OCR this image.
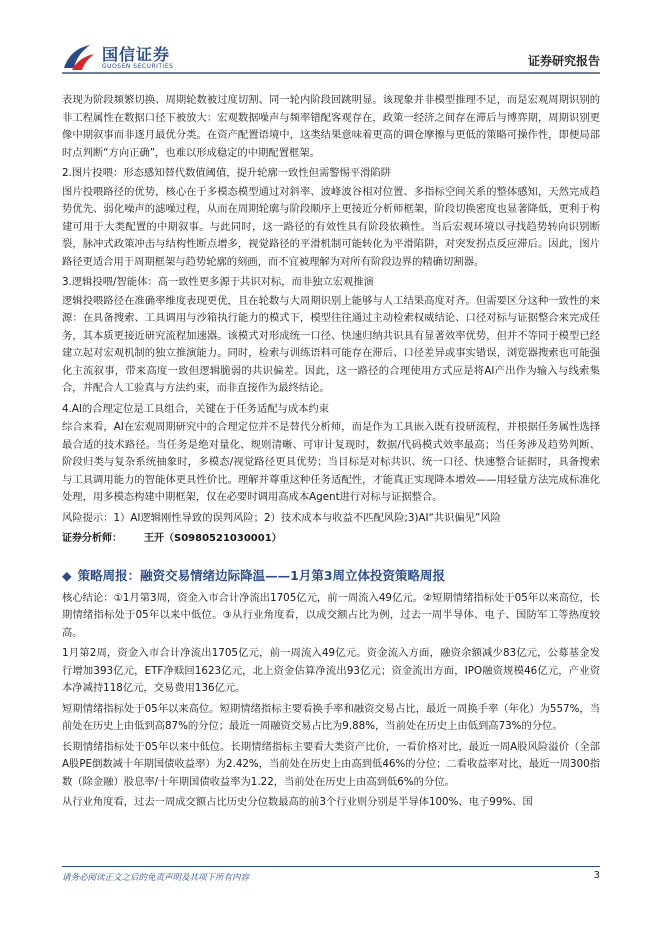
国信证券
GUOSEN SECURITIES	证券研究报告

表现为阶段频繁切换、周期轮数被过度切割、同一轮内阶段回跳明显。该现象并非模型推理不足，而是宏观周期识别的非工程属性在数据口径下被放大：宏观数据噪声与频率错配客观存在，政策一经济之间存在滞后与博弈期，周期识别更像中期叙事而非逐月最优分类。在资产配置语境中，这类结果意味着更高的调仓摩擦与更低的策略可操作性，即便局部时点判断“方向正确”，也难以形成稳定的中期配置框架。

2.图片投喂：形态感知替代数值阈值，提升轮廓一致性但需警惕平滑陷阱

图片投喂路径的优势，核心在于多模态模型通过对斜率、波峰波谷相对位置、多指标空间关系的整体感知，天然完成趋势优先、弱化噪声的滤噪过程，从而在周期轮廓与阶段顺序上更接近分析师框架，阶段切换密度也显著降低，更利于构建可用于大类配置的中期叙事。与此同时，这一路径的有效性具有阶段依赖性。当后宏观环境以寻找趋势转向识别断裂，脉冲式政策冲击与结构性断点增多，视觉路径的平滑机制可能转化为平滑陷阱，对突发拐点反应滞后。因此，图片路径更适合用于周期框架与趋势轮廓的刻画，而不宜被理解为对所有阶段边界的精确切割器。

3.逻辑投喂/智能体：高一致性更多源于共识对标，而非独立宏观推演

逻辑投喂路径在准确率维度表现更优，且在轮数与大周期识别上能够与人工结果高度对齐。但需要区分这种一致性的来源：在具备搜索、工具调用与沙箱执行能力的模式下，模型往往通过主动检索权威结论、口径对标与证据整合来完成任务，其本质更接近研究流程加速器。该模式对形成统一口径、快速归纳共识具有显著效率优势，但并不等同于模型已经建立起对宏观机制的独立推演能力。同时，检索与训练语料可能存在滞后、口径差异或事实错误，浏览器搜索也可能强化主流叙事，带来高度一致但逻辑脆弱的共识偏差。因此，这一路径的合理使用方式应是将AI产出作为输入与线索集合，并配合人工验真与方法约束，而非直接作为最终结论。

4.AI的合理定位是工具组合，关键在于任务适配与成本约束

综合来看，AI在宏观周期研究中的合理定位并不是替代分析师，而是作为工具嵌入既有投研流程，并根据任务属性选择最合适的技术路径。当任务是绝对量化、规则清晰、可审计复现时，数据/代码模式效率最高；当任务涉及趋势判断、阶段归类与复杂系统抽象时，多模态/视觉路径更具优势；当目标是对标共识、统一口径、快速整合证据时，具备搜索与工具调用能力的智能体更具性价比。理解并尊重这种任务适配性，才能真正实现降本增效——用轻量方法完成标准化处理，用多模态构建中期框架，仅在必要时调用高成本Agent进行对标与证据整合。

风险提示：1）AI逻辑刚性导致的误判风险；2）技术成本与收益不匹配风险;3)AI“共识偏见”风险

证券分析师： 王开（S0980521030001）

◆ 策略周报：融资交易情绪边际降温——1月第3周立体投资策略周报

核心结论：①1月第3周，资金入市合计净流出1705亿元，前一周流入49亿元。②短期情绪指标处于05年以来高位，长期情绪指标处于05年以来中低位。③从行业角度看，以成交额占比为例，过去一周半导体、电子、国防军工等热度较高。

1月第2周，资金入市合计净流出1705亿元，前一周流入49亿元。资金流入方面，融资余额减少83亿元，公募基金发行增加393亿元，ETF净赎回1623亿元，北上资金估算净流出93亿元；资金流出方面，IPO融资规模46亿元，产业资本净减持118亿元，交易费用136亿元。

短期情绪指标处于05年以来高位。短期情绪指标主要看换手率和融资交易占比，最近一周换手率（年化）为557%，当前处在历史上由低到高87%的分位；最近一周融资交易占比为9.88%，当前处在历史上由低到高73%的分位。

长期情绪指标处于05年以来中低位。长期情绪指标主要看大类资产比价，一看价格对比，最近一周A股风险溢价（全部A股PE倒数减十年期国债收益率）为2.42%，当前处在历史上由高到低46%的分位；二看收益率对比，最近一周300指数（除金融）股息率/十年期国债收益率为1.22，当前处在历史上由高到低6%的分位。

从行业角度看，过去一周成交额占比历史分位数最高的前3个行业则分别是半导体100%、电子99%、国

请务必阅读正文之后的免责声明及其项下所有内容	3
